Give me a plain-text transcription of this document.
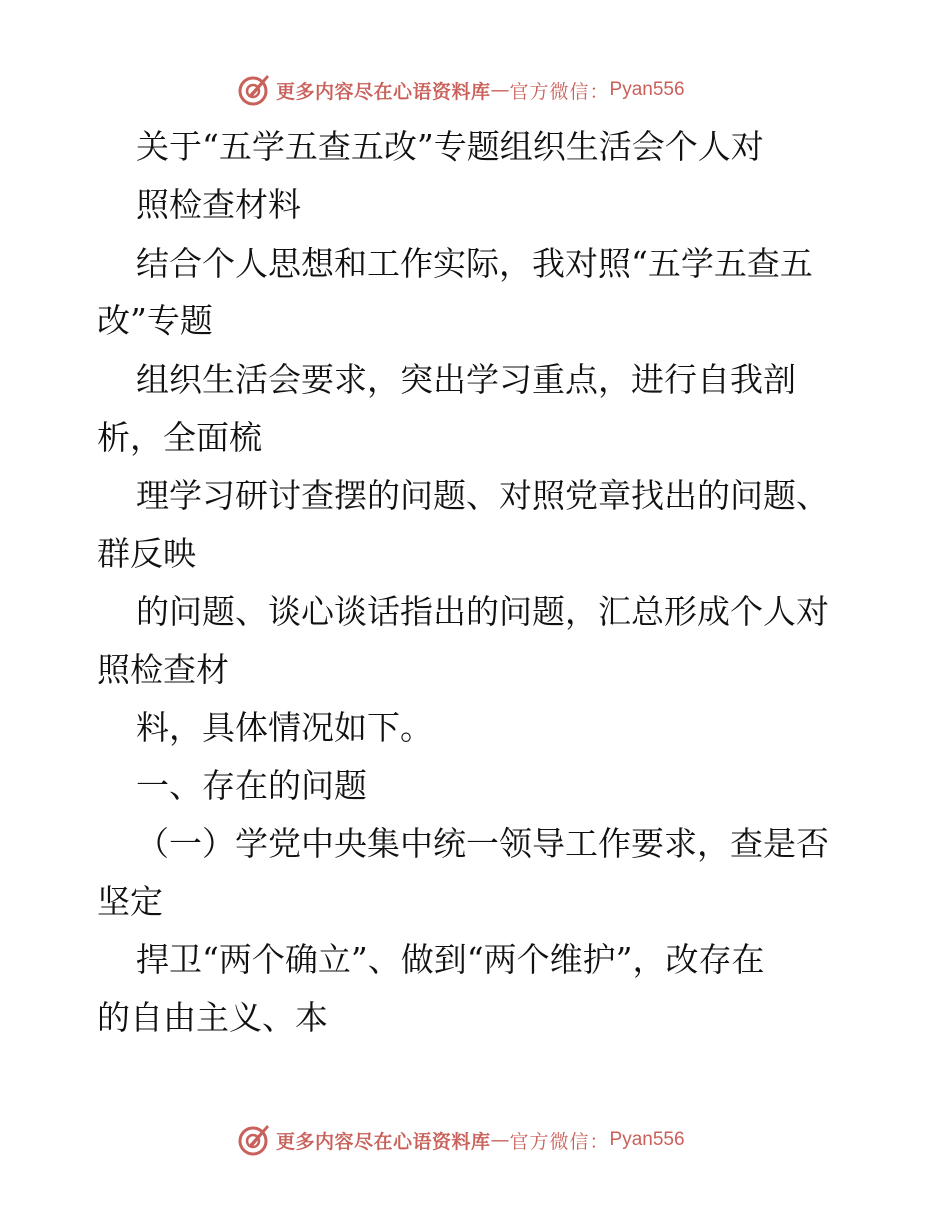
更多内容尽在心语资料库 — 官方微信： Pyan556
关于“五学五查五改”专题组织生活会个人对
照检查材料
结合个人思想和工作实际，我对照“五学五查五
改”专题
组织生活会要求，突出学习重点，进行自我剖
析，全面梳
理学习研讨查摆的问题、对照党章找出的问题、
群反映
的问题、谈心谈话指出的问题，汇总形成个人对
照检查材
料，具体情况如下。
一、存在的问题
（一）学党中央集中统一领导工作要求，查是否
坚定
捍卫“两个确立”、做到“两个维护”，改存在
的自由主义、本
更多内容尽在心语资料库 — 官方微信： Pyan556
